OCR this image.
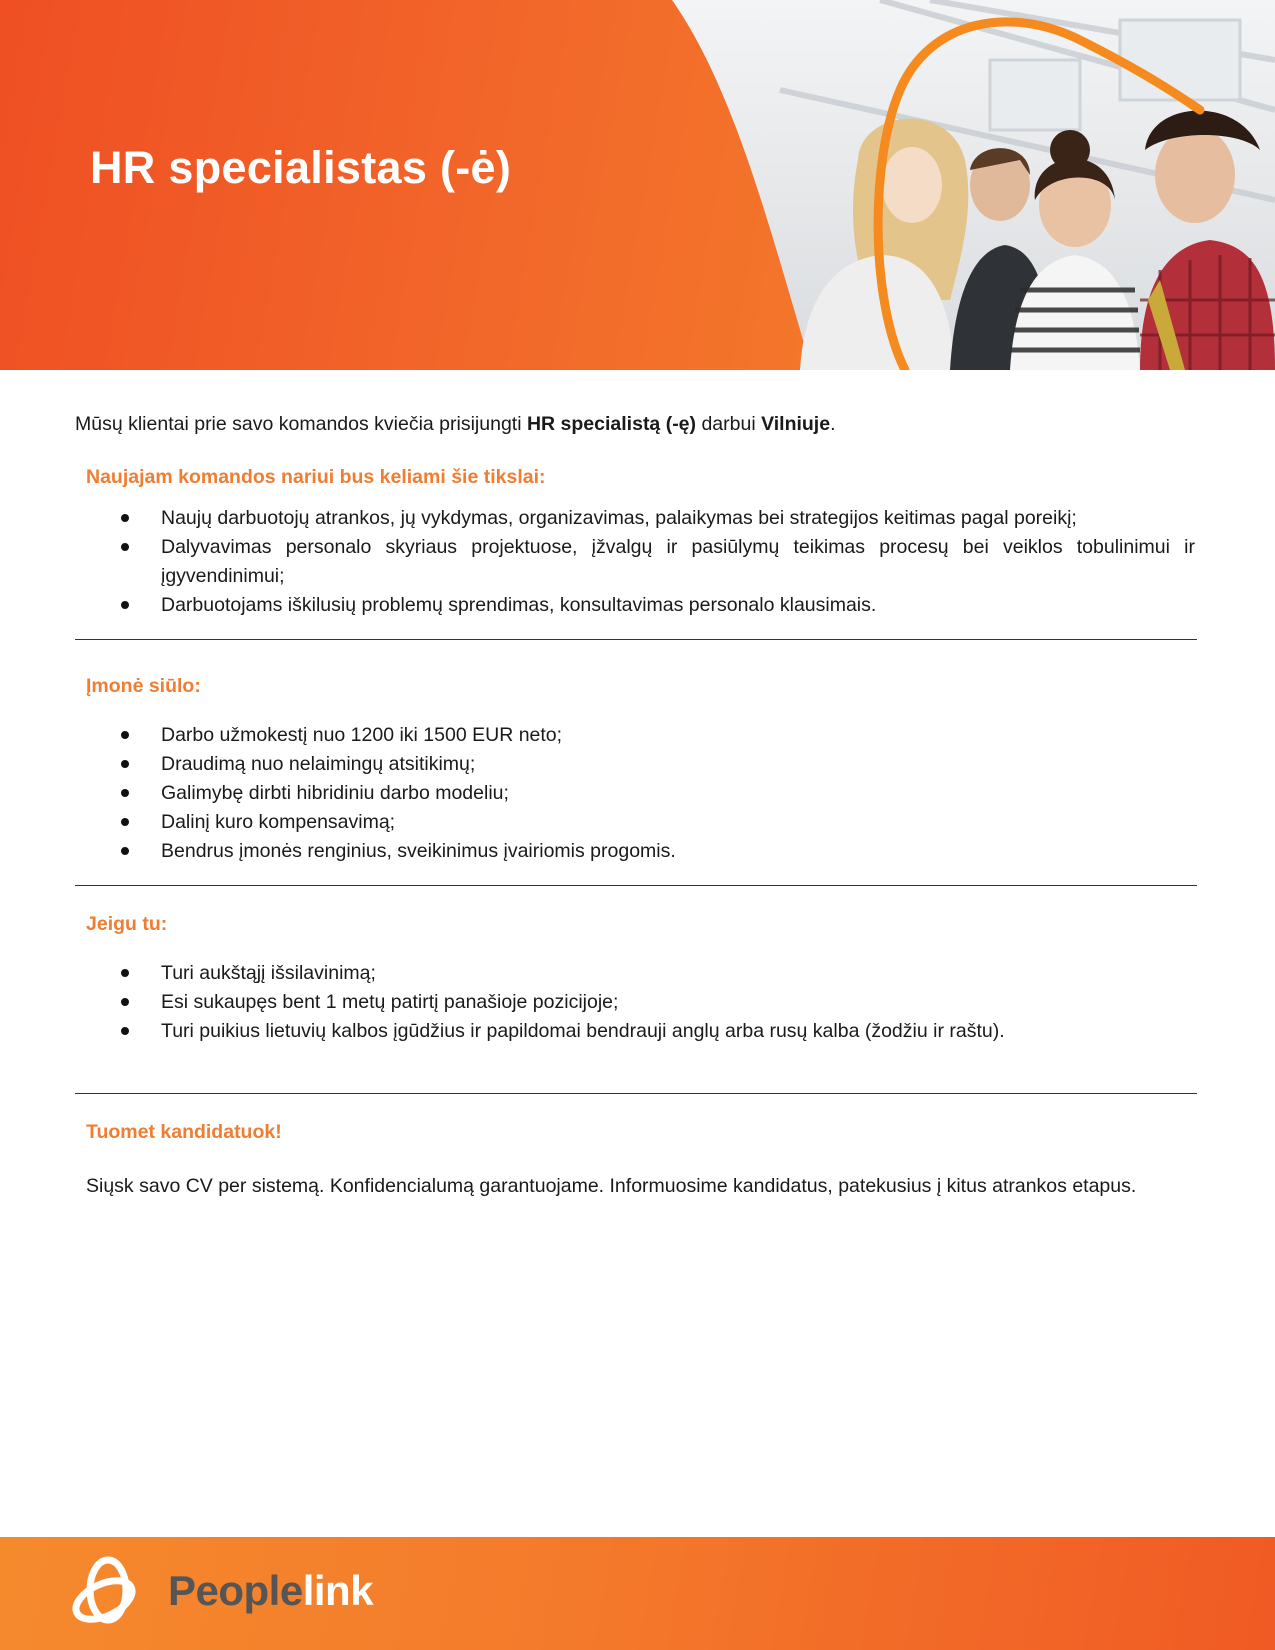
HR specialistas (-ė)

Mūsų klientai prie savo komandos kviečia prisijungti HR specialistą (-ę) darbui Vilniuje.

Naujajam komandos nariui bus keliami šie tikslai:
Naujų darbuotojų atrankos, jų vykdymas, organizavimas, palaikymas bei strategijos keitimas pagal poreikį;
Dalyvavimas personalo skyriaus projektuose, įžvalgų ir pasiūlymų teikimas procesų bei veiklos tobulinimui ir įgyvendinimui;
Darbuotojams iškilusių problemų sprendimas, konsultavimas personalo klausimais.
Įmonė siūlo:
Darbo užmokestį nuo 1200 iki 1500 EUR neto;
Draudimą nuo nelaimingų atsitikimų;
Galimybę dirbti hibridiniu darbo modeliu;
Dalinį kuro kompensavimą;
Bendrus įmonės renginius, sveikinimus įvairiomis progomis.
Jeigu tu:
Turi aukštąjį išsilavinimą;
Esi sukaupęs bent 1 metų patirtį panašioje pozicijoje;
Turi puikius lietuvių kalbos įgūdžius ir papildomai bendrauji anglų arba rusų kalba (žodžiu ir raštu).
Tuomet kandidatuok!

Siųsk savo CV per sistemą. Konfidencialumą garantuojame. Informuosime kandidatus, patekusius į kitus atrankos etapus.

Peoplelink
